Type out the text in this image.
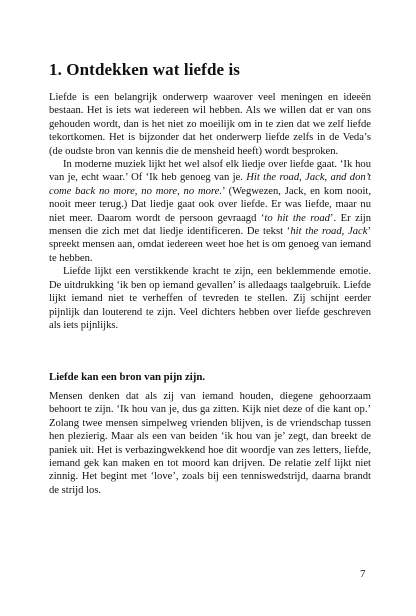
1. Ontdekken wat liefde is

Liefde is een belangrijk onderwerp waarover veel meningen en ideeën bestaan. Het is iets wat iedereen wil hebben. Als we willen dat er van ons gehouden wordt, dan is het niet zo moeilijk om in te zien dat we zelf liefde tekortkomen. Het is bijzonder dat het onderwerp liefde zelfs in de Veda’s (de oudste bron van kennis die de mensheid heeft) wordt besproken.

In moderne muziek lijkt het wel alsof elk liedje over liefde gaat. ‘Ik hou van je, echt waar.’ Of ‘Ik heb genoeg van je. Hit the road, Jack, and don’t come back no more, no more, no more.’ (Wegwezen, Jack, en kom nooit, nooit meer terug.) Dat liedje gaat ook over liefde. Er was liefde, maar nu niet meer. Daarom wordt de persoon gevraagd ‘to hit the road’. Er zijn mensen die zich met dat liedje identificeren. De tekst ‘hit the road, Jack’ spreekt mensen aan, omdat iedereen weet hoe het is om genoeg van iemand te hebben.

Liefde lijkt een verstikkende kracht te zijn, een beklemmende emotie. De uitdrukking ‘ik ben op iemand gevallen’ is alledaags taalgebruik. Liefde lijkt iemand niet te verheffen of tevreden te stellen. Zij schijnt eerder pijnlijk dan louterend te zijn. Veel dichters hebben over liefde geschreven als iets pijnlijks.

Liefde kan een bron van pijn zijn.

Mensen denken dat als zij van iemand houden, diegene gehoorzaam behoort te zijn. ‘Ik hou van je, dus ga zitten. Kijk niet deze of die kant op.’ Zolang twee mensen simpelweg vrienden blijven, is de vriendschap tussen hen plezierig. Maar als een van beiden ‘ik hou van je’ zegt, dan breekt de paniek uit. Het is verbazingwekkend hoe dit woordje van zes letters, liefde, iemand gek kan maken en tot moord kan drijven. De relatie zelf lijkt niet zinnig. Het begint met ‘love’, zoals bij een tenniswedstrijd, daarna brandt de strijd los.

7
